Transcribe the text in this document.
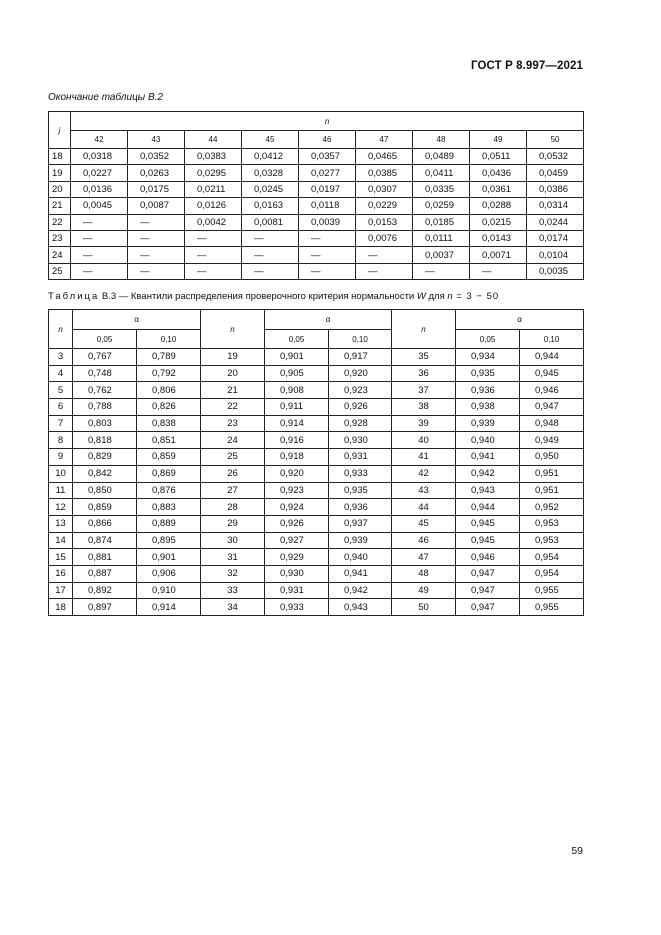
ГОСТ Р 8.997—2021
Окончание таблицы В.2
j	n								
	42	43	44	45	46	47	48	49	50
18	0,0318	0,0352	0,0383	0,0412	0,0357	0,0465	0,0489	0,0511	0,0532
19	0,0227	0,0263	0,0295	0,0328	0,0277	0,0385	0,0411	0,0436	0,0459
20	0,0136	0,0175	0,0211	0,0245	0,0197	0,0307	0,0335	0,0361	0,0386
21	0,0045	0,0087	0,0126	0,0163	0,0118	0,0229	0,0259	0,0288	0,0314
22	—	—	0,0042	0,0081	0,0039	0,0153	0,0185	0,0215	0,0244
23	—	—	—	—	—	0,0076	0,0111	0,0143	0,0174
24	—	—	—	—	—	—	0,0037	0,0071	0,0104
25	—	—	—	—	—	—	—	—	0,0035
Таблица В.3 — Квантили распределения проверочного критерия нормальности W для n = 3 − 50
n	α		n	α		n	α	
	0,05	0,10		0,05	0,10		0,05	0,10
3	0,767	0,789	19	0,901	0,917	35	0,934	0,944
4	0,748	0,792	20	0,905	0,920	36	0,935	0,945
5	0,762	0,806	21	0,908	0,923	37	0,936	0,946
6	0,788	0,826	22	0,911	0,926	38	0,938	0,947
7	0,803	0,838	23	0,914	0,928	39	0,939	0,948
8	0,818	0,851	24	0,916	0,930	40	0,940	0,949
9	0,829	0,859	25	0,918	0,931	41	0,941	0,950
10	0,842	0,869	26	0,920	0,933	42	0,942	0,951
11	0,850	0,876	27	0,923	0,935	43	0,943	0,951
12	0,859	0,883	28	0,924	0,936	44	0,944	0,952
13	0,866	0,889	29	0,926	0,937	45	0,945	0,953
14	0,874	0,895	30	0,927	0,939	46	0,945	0,953
15	0,881	0,901	31	0,929	0,940	47	0,946	0,954
16	0,887	0,906	32	0,930	0,941	48	0,947	0,954
17	0,892	0,910	33	0,931	0,942	49	0,947	0,955
18	0,897	0,914	34	0,933	0,943	50	0,947	0,955
59
